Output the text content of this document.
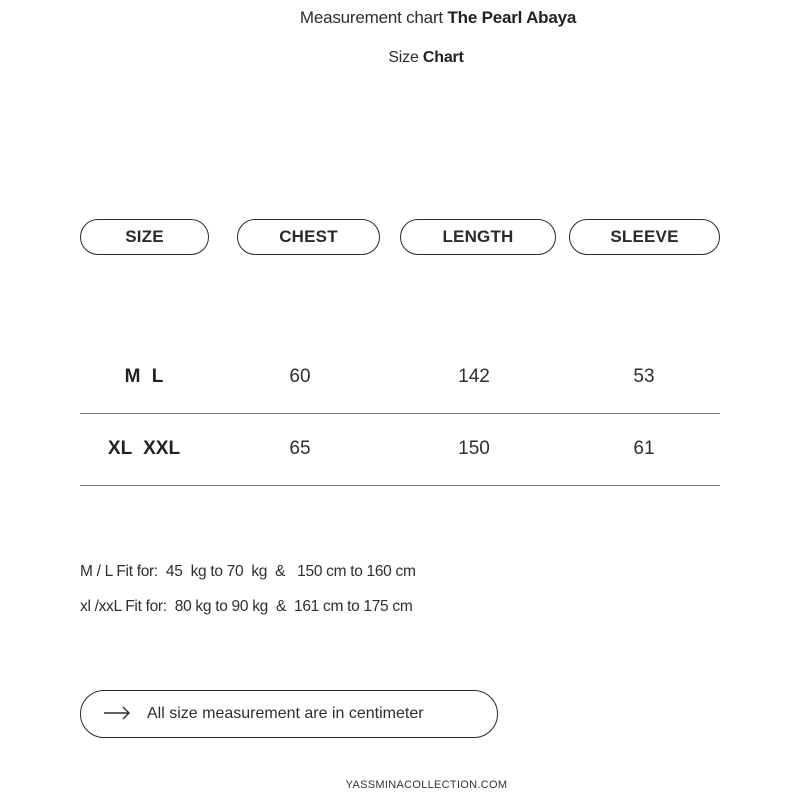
Measurement chart The Pearl Abaya
Size Chart
SIZE	CHEST	LENGTH	SLEEVE
M L	60	142	53
XL XXL	65	150	61
M / L Fit for:  45  kg to 70  kg  &   150 cm to 160 cm
xl /xxL Fit for:  80 kg to 90 kg  &  161 cm to 175 cm
All size measurement are in centimeter
YASSMINACOLLECTION.COM
